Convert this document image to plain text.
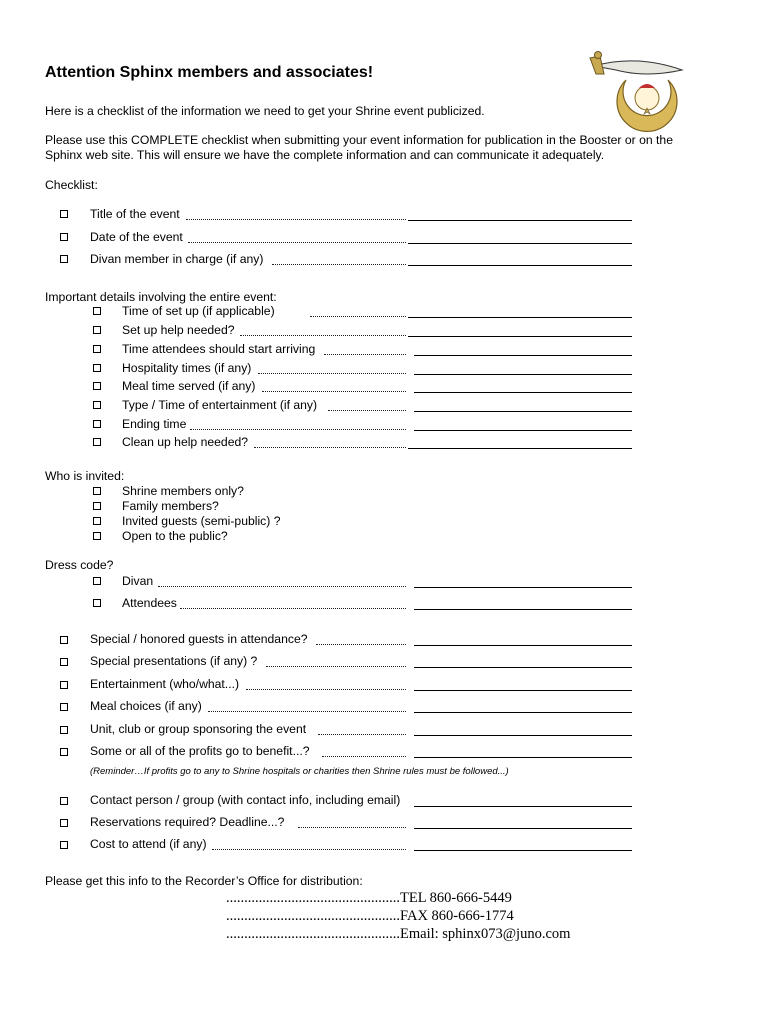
Attention Sphinx members and associates!
Here is a checklist of the information we need to get your Shrine event publicized.
Please use this COMPLETE checklist when submitting your event information for publication in the Booster or on the
Sphinx web site. This will ensure we have the complete information and can communicate it adequately.
Checklist:
Title of the event
Date of the event
Divan member in charge (if any)
Important details involving the entire event:
Time of set up (if applicable)
Set up help needed?
Time attendees should start arriving
Hospitality times (if any)
Meal time served (if any)
Type / Time of entertainment (if any)
Ending time
Clean up help needed?
Who is invited:
Shrine members only?
Family members?
Invited guests (semi-public) ?
Open to the public?
Dress code?
Divan
Attendees
Special / honored guests in attendance?
Special presentations (if any) ?
Entertainment (who/what...)
Meal choices (if any)
Unit, club or group sponsoring the event
Some or all of the profits go to benefit...?
(Reminder…If profits go to any to Shrine hospitals or charities then Shrine rules must be followed...)
Contact person / group (with contact info, including email)
Reservations required? Deadline...?
Cost to attend (if any)
Please get this info to the Recorder’s Office for distribution:
................................................TEL 860-666-5449
................................................FAX 860-666-1774
................................................Email: sphinx073@juno.com
